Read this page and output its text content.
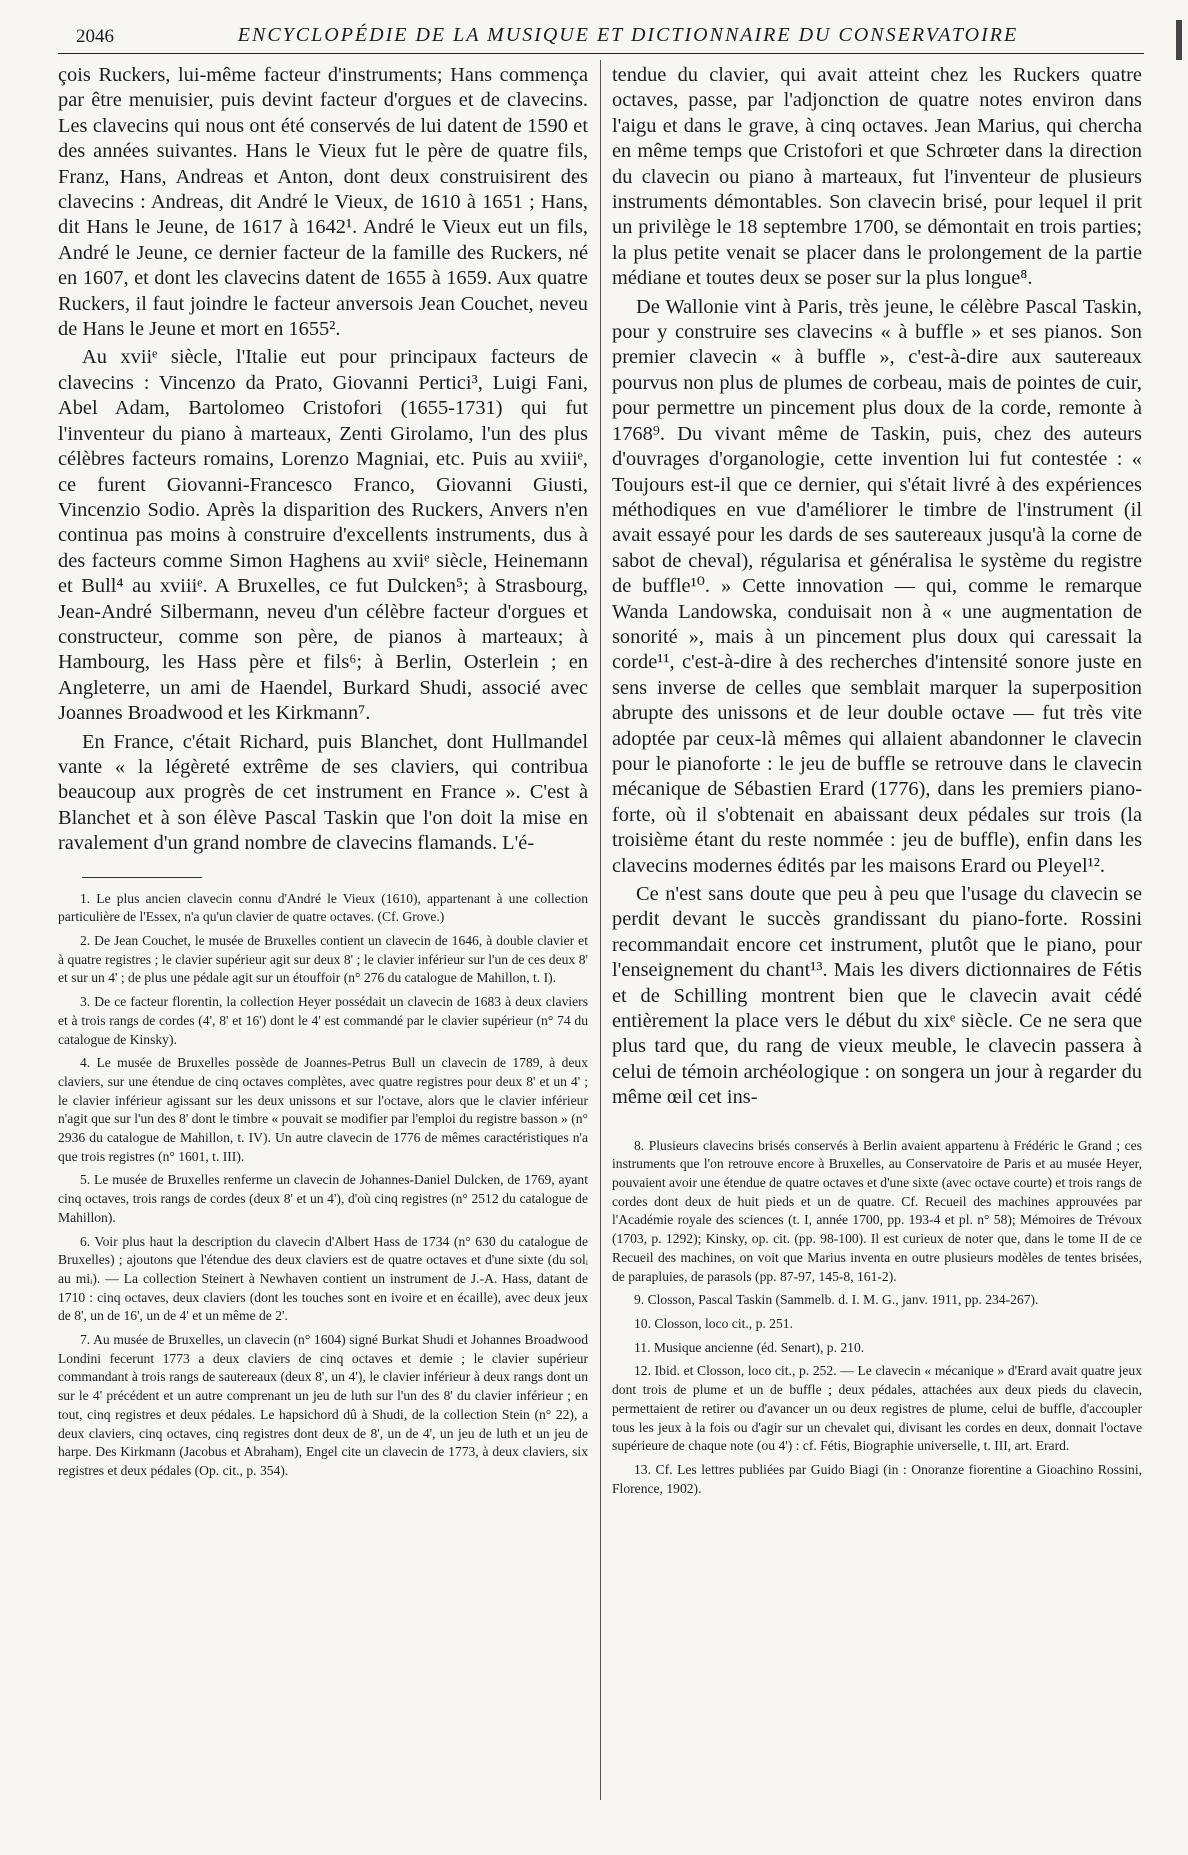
2046	ENCYCLOPÉDIE DE LA MUSIQUE ET DICTIONNAIRE DU CONSERVATOIRE

çois Ruckers, lui-même facteur d'instruments; Hans commença par être menuisier, puis devint facteur d'orgues et de clavecins. Les clavecins qui nous ont été conservés de lui datent de 1590 et des années suivantes. Hans le Vieux fut le père de quatre fils, Franz, Hans, Andreas et Anton, dont deux construisirent des clavecins : Andreas, dit André le Vieux, de 1610 à 1651 ; Hans, dit Hans le Jeune, de 1617 à 1642¹. André le Vieux eut un fils, André le Jeune, ce dernier facteur de la famille des Ruckers, né en 1607, et dont les clavecins datent de 1655 à 1659. Aux quatre Ruckers, il faut joindre le facteur anversois Jean Couchet, neveu de Hans le Jeune et mort en 1655².

Au xviiᵉ siècle, l'Italie eut pour principaux facteurs de clavecins : Vincenzo da Prato, Giovanni Pertici³, Luigi Fani, Abel Adam, Bartolomeo Cristofori (1655-1731) qui fut l'inventeur du piano à marteaux, Zenti Girolamo, l'un des plus célèbres facteurs romains, Lorenzo Magniai, etc. Puis au xviiiᵉ, ce furent Giovanni-Francesco Franco, Giovanni Giusti, Vincenzio Sodio. Après la disparition des Ruckers, Anvers n'en continua pas moins à construire d'excellents instruments, dus à des facteurs comme Simon Haghens au xviiᵉ siècle, Heinemann et Bull⁴ au xviiiᵉ. A Bruxelles, ce fut Dulcken⁵; à Strasbourg, Jean-André Silbermann, neveu d'un célèbre facteur d'orgues et constructeur, comme son père, de pianos à marteaux; à Hambourg, les Hass père et fils⁶; à Berlin, Osterlein ; en Angleterre, un ami de Haendel, Burkard Shudi, associé avec Joannes Broadwood et les Kirkmann⁷.

En France, c'était Richard, puis Blanchet, dont Hullmandel vante « la légèreté extrême de ses claviers, qui contribua beaucoup aux progrès de cet instrument en France ». C'est à Blanchet et à son élève Pascal Taskin que l'on doit la mise en ravalement d'un grand nombre de clavecins flamands. L'é-

1. Le plus ancien clavecin connu d'André le Vieux (1610), appartenant à une collection particulière de l'Essex, n'a qu'un clavier de quatre octaves. (Cf. Grove.)

2. De Jean Couchet, le musée de Bruxelles contient un clavecin de 1646, à double clavier et à quatre registres ; le clavier supérieur agit sur deux 8' ; le clavier inférieur sur l'un de ces deux 8' et sur un 4' ; de plus une pédale agit sur un étouffoir (n° 276 du catalogue de Mahillon, t. I).

3. De ce facteur florentin, la collection Heyer possédait un clavecin de 1683 à deux claviers et à trois rangs de cordes (4', 8' et 16') dont le 4' est commandé par le clavier supérieur (n° 74 du catalogue de Kinsky).

4. Le musée de Bruxelles possède de Joannes-Petrus Bull un clavecin de 1789, à deux claviers, sur une étendue de cinq octaves complètes, avec quatre registres pour deux 8' et un 4' ; le clavier inférieur agissant sur les deux unissons et sur l'octave, alors que le clavier inférieur n'agit que sur l'un des 8' dont le timbre « pouvait se modifier par l'emploi du registre basson » (n° 2936 du catalogue de Mahillon, t. IV). Un autre clavecin de 1776 de mêmes caractéristiques n'a que trois registres (n° 1601, t. III).

5. Le musée de Bruxelles renferme un clavecin de Johannes-Daniel Dulcken, de 1769, ayant cinq octaves, trois rangs de cordes (deux 8' et un 4'), d'où cinq registres (n° 2512 du catalogue de Mahillon).

6. Voir plus haut la description du clavecin d'Albert Hass de 1734 (n° 630 du catalogue de Bruxelles) ; ajoutons que l'étendue des deux claviers est de quatre octaves et d'une sixte (du solᵢ au miᵢ). — La collection Steinert à Newhaven contient un instrument de J.-A. Hass, datant de 1710 : cinq octaves, deux claviers (dont les touches sont en ivoire et en écaille), avec deux jeux de 8', un de 16', un de 4' et un même de 2'.

7. Au musée de Bruxelles, un clavecin (n° 1604) signé Burkat Shudi et Johannes Broadwood Londini fecerunt 1773 a deux claviers de cinq octaves et demie ; le clavier supérieur commandant à trois rangs de sautereaux (deux 8', un 4'), le clavier inférieur à deux rangs dont un sur le 4' précédent et un autre comprenant un jeu de luth sur l'un des 8' du clavier inférieur ; en tout, cinq registres et deux pédales. Le hapsichord dû à Shudi, de la collection Stein (n° 22), a deux claviers, cinq octaves, cinq registres dont deux de 8', un de 4', un jeu de luth et un jeu de harpe. Des Kirkmann (Jacobus et Abraham), Engel cite un clavecin de 1773, à deux claviers, six registres et deux pédales (Op. cit., p. 354).

tendue du clavier, qui avait atteint chez les Ruckers quatre octaves, passe, par l'adjonction de quatre notes environ dans l'aigu et dans le grave, à cinq octaves. Jean Marius, qui chercha en même temps que Cristofori et que Schrœter dans la direction du clavecin ou piano à marteaux, fut l'inventeur de plusieurs instruments démontables. Son clavecin brisé, pour lequel il prit un privilège le 18 septembre 1700, se démontait en trois parties; la plus petite venait se placer dans le prolongement de la partie médiane et toutes deux se poser sur la plus longue⁸.

De Wallonie vint à Paris, très jeune, le célèbre Pascal Taskin, pour y construire ses clavecins « à buffle » et ses pianos. Son premier clavecin « à buffle », c'est-à-dire aux sautereaux pourvus non plus de plumes de corbeau, mais de pointes de cuir, pour permettre un pincement plus doux de la corde, remonte à 1768⁹. Du vivant même de Taskin, puis, chez des auteurs d'ouvrages d'organologie, cette invention lui fut contestée : « Toujours est-il que ce dernier, qui s'était livré à des expériences méthodiques en vue d'améliorer le timbre de l'instrument (il avait essayé pour les dards de ses sautereaux jusqu'à la corne de sabot de cheval), régularisa et généralisa le système du registre de buffle¹⁰. » Cette innovation — qui, comme le remarque Wanda Landowska, conduisait non à « une augmentation de sonorité », mais à un pincement plus doux qui caressait la corde¹¹, c'est-à-dire à des recherches d'intensité sonore juste en sens inverse de celles que semblait marquer la superposition abrupte des unissons et de leur double octave — fut très vite adoptée par ceux-là mêmes qui allaient abandonner le clavecin pour le pianoforte : le jeu de buffle se retrouve dans le clavecin mécanique de Sébastien Erard (1776), dans les premiers piano-forte, où il s'obtenait en abaissant deux pédales sur trois (la troisième étant du reste nommée : jeu de buffle), enfin dans les clavecins modernes édités par les maisons Erard ou Pleyel¹².

Ce n'est sans doute que peu à peu que l'usage du clavecin se perdit devant le succès grandissant du piano-forte. Rossini recommandait encore cet instrument, plutôt que le piano, pour l'enseignement du chant¹³. Mais les divers dictionnaires de Fétis et de Schilling montrent bien que le clavecin avait cédé entièrement la place vers le début du xixᵉ siècle. Ce ne sera que plus tard que, du rang de vieux meuble, le clavecin passera à celui de témoin archéologique : on songera un jour à regarder du même œil cet ins-

8. Plusieurs clavecins brisés conservés à Berlin avaient appartenu à Frédéric le Grand ; ces instruments que l'on retrouve encore à Bruxelles, au Conservatoire de Paris et au musée Heyer, pouvaient avoir une étendue de quatre octaves et d'une sixte (avec octave courte) et trois rangs de cordes dont deux de huit pieds et un de quatre. Cf. Recueil des machines approuvées par l'Académie royale des sciences (t. I, année 1700, pp. 193-4 et pl. n° 58); Mémoires de Trévoux (1703, p. 1292); Kinsky, op. cit. (pp. 98-100). Il est curieux de noter que, dans le tome II de ce Recueil des machines, on voit que Marius inventa en outre plusieurs modèles de tentes brisées, de parapluies, de parasols (pp. 87-97, 145-8, 161-2).

9. Closson, Pascal Taskin (Sammelb. d. I. M. G., janv. 1911, pp. 234-267).

10. Closson, loco cit., p. 251.

11. Musique ancienne (éd. Senart), p. 210.

12. Ibid. et Closson, loco cit., p. 252. — Le clavecin « mécanique » d'Erard avait quatre jeux dont trois de plume et un de buffle ; deux pédales, attachées aux deux pieds du clavecin, permettaient de retirer ou d'avancer un ou deux registres de plume, celui de buffle, d'accoupler tous les jeux à la fois ou d'agir sur un chevalet qui, divisant les cordes en deux, donnait l'octave supérieure de chaque note (ou 4') : cf. Fétis, Biographie universelle, t. III, art. Erard.

13. Cf. Les lettres publiées par Guido Biagi (in : Onoranze fiorentine a Gioachino Rossini, Florence, 1902).
